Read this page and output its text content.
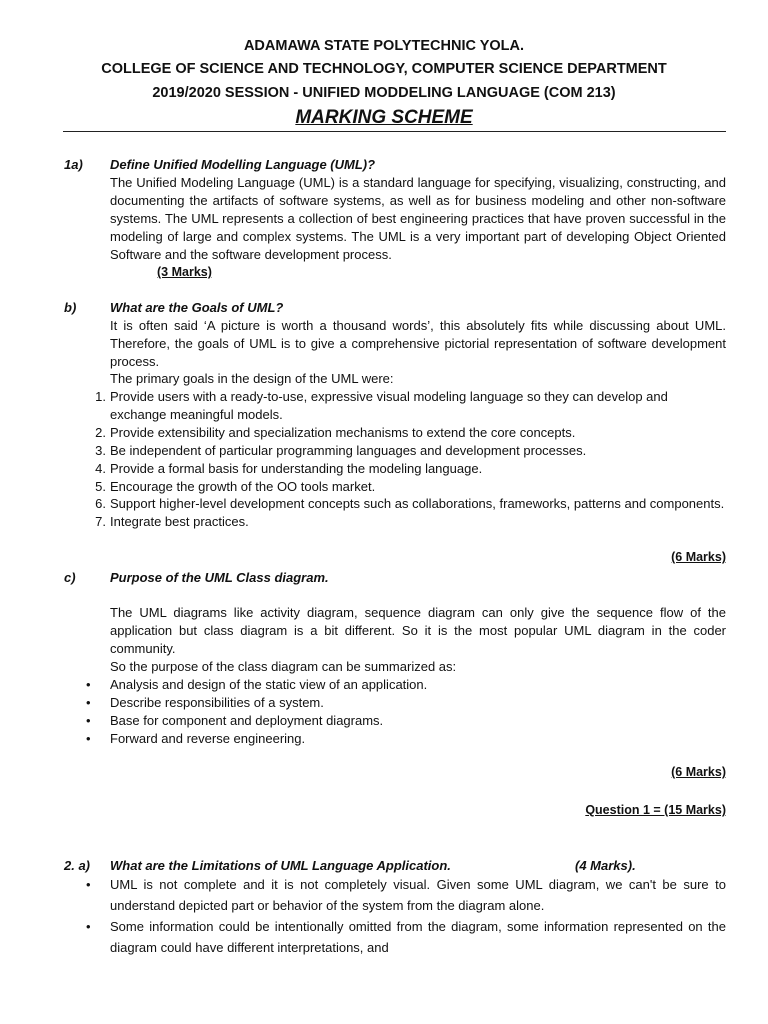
ADAMAWA STATE POLYTECHNIC YOLA.
COLLEGE OF SCIENCE AND TECHNOLOGY, COMPUTER SCIENCE DEPARTMENT
2019/2020 SESSION - UNIFIED MODDELING LANGUAGE (COM 213)
MARKING SCHEME
1a) Define Unified Modelling Language (UML)?

The Unified Modeling Language (UML) is a standard language for specifying, visualizing, constructing, and documenting the artifacts of software systems, as well as for business modeling and other non-software systems. The UML represents a collection of best engineering practices that have proven successful in the modeling of large and complex systems. The UML is a very important part of developing Object Oriented Software and the software development process.

(3 Marks)
b)	What are the Goals of UML?

It is often said ‘A picture is worth a thousand words’, this absolutely fits while discussing about UML. Therefore, the goals of UML is to give a comprehensive pictorial representation of software development process.

The primary goals in the design of the UML were:
1. Provide users with a ready-to-use, expressive visual modeling language so they can develop and exchange meaningful models.
2. Provide extensibility and specialization mechanisms to extend the core concepts.
3. Be independent of particular programming languages and development processes.
4. Provide a formal basis for understanding the modeling language.
5. Encourage the growth of the OO tools market.
6. Support higher-level development concepts such as collaborations, frameworks, patterns and components.
7. Integrate best practices.
(6 Marks)
c)	Purpose of the UML Class diagram.

The UML diagrams like activity diagram, sequence diagram can only give the sequence flow of the application but class diagram is a bit different. So it is the most popular UML diagram in the coder community.

So the purpose of the class diagram can be summarized as:
• Analysis and design of the static view of an application.
• Describe responsibilities of a system.
• Base for component and deployment diagrams.
• Forward and reverse engineering.
(6 Marks)
Question 1 = (15 Marks)
2. a) What are the Limitations of UML Language Application.	(4 Marks).
• UML is not complete and it is not completely visual. Given some UML diagram, we can't be sure to understand depicted part or behavior of the system from the diagram alone.
• Some information could be intentionally omitted from the diagram, some information represented on the diagram could have different interpretations, and
